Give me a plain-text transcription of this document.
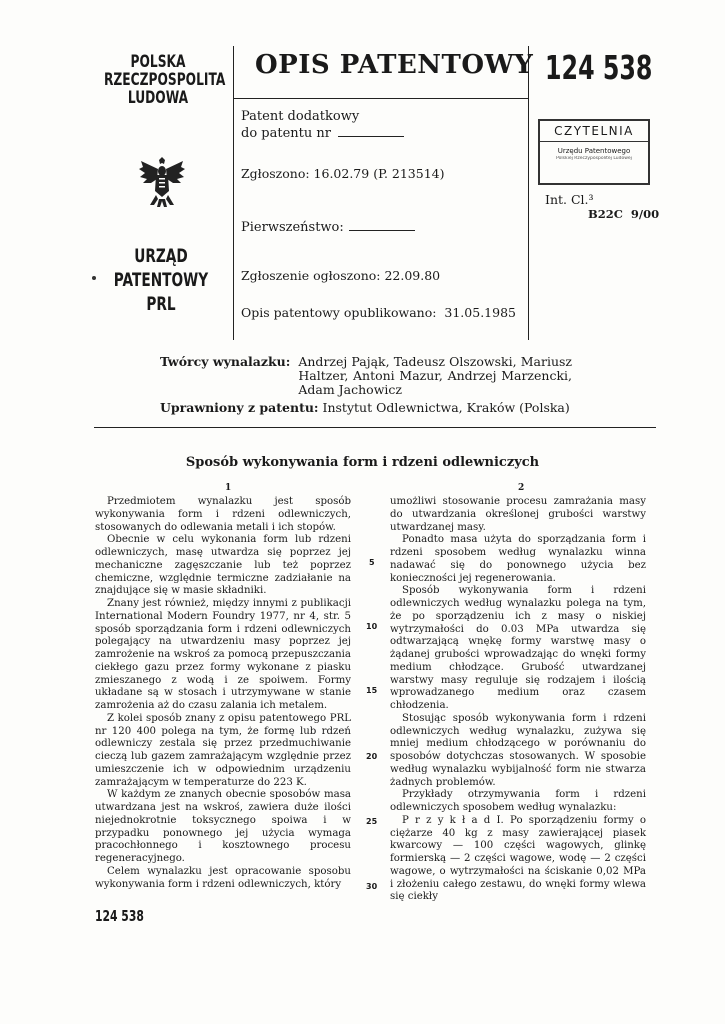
POLSKA
RZECZPOSPOLITA
LUDOWA
URZĄD
PATENTOWY
PRL
OPIS PATENTOWY 124 538
Patent dodatkowy
do patentu nr
Zgłoszono: 16.02.79 (P. 213514)
Pierwszeństwo:
Zgłoszenie ogłoszono: 22.09.80
Opis patentowy opublikowano:  31.05.1985
CZYTELNIA
Urzędu Patentowego
Polskiej Rzeczypospolitej Ludowej
Int. Cl.³
B22C  9/00
Twórcy wynalazku: Andrzej Pająk, Tadeusz Olszowski, Mariusz Haltzer, Antoni Mazur, Andrzej Marzencki, Adam Jachowicz
Uprawniony z patentu: Instytut Odlewnictwa, Kraków (Polska)
Sposób wykonywania form i rdzeni odlewniczych
1	2

Przedmiotem wynalazku jest sposób wykonywania form i rdzeni odlewniczych, stosowanych do odlewania metali i ich stopów.

Obecnie w celu wykonania form lub rdzeni odlewniczych, masę utwardza się poprzez jej mechaniczne zagęszczanie lub też poprzez chemiczne, względnie termiczne zadziałanie na znajdujące się w masie składniki.

Znany jest również, między innymi z publikacji International Modern Foundry 1977, nr 4, str. 5 sposób sporządzania form i rdzeni odlewniczych polegający na utwardzeniu masy poprzez jej zamrożenie na wskroś za pomocą przepuszczania ciekłego gazu przez formy wykonane z piasku zmieszanego z wodą i ze spoiwem. Formy układane są w stosach i utrzymywane w stanie zamrożenia aż do czasu zalania ich metalem.

Z kolei sposób znany z opisu patentowego PRL nr 120 400 polega na tym, że formę lub rdzeń odlewniczy zestala się przez przedmuchiwanie cieczą lub gazem zamrażającym względnie przez umieszczenie ich w odpowiednim urządzeniu zamrażającym w temperaturze do 223 K.

W każdym ze znanych obecnie sposobów masa utwardzana jest na wskroś, zawiera duże ilości niejednokrotnie toksycznego spoiwa i w przypadku ponownego jej użycia wymaga pracochłonnego i kosztownego procesu regeneracyjnego.

Celem wynalazku jest opracowanie sposobu wykonywania form i rdzeni odlewniczych, który

5
10
15
20
25
30

umożliwi stosowanie procesu zamrażania masy do utwardzania określonej grubości warstwy utwardzanej masy.

Ponadto masa użyta do sporządzania form i rdzeni sposobem według wynalazku winna nadawać się do ponownego użycia bez konieczności jej regenerowania.

Sposób wykonywania form i rdzeni odlewniczych według wynalazku polega na tym, że po sporządzeniu ich z masy o niskiej wytrzymałości do 0.03 MPa utwardza się odtwarzającą wnękę formy warstwę masy o żądanej grubości wprowadzając do wnęki formy medium chłodzące. Grubość utwardzanej warstwy masy reguluje się rodzajem i ilością wprowadzanego medium oraz czasem chłodzenia.

Stosując sposób wykonywania form i rdzeni odlewniczych według wynalazku, zużywa się mniej medium chłodzącego w porównaniu do sposobów dotychczas stosowanych. W sposobie według wynalazku wybijalność form nie stwarza żadnych problemów.

Przykłady otrzymywania form i rdzeni odlewniczych sposobem według wynalazku:

P r z y k ł a d I. Po sporządzeniu formy o ciężarze 40 kg z masy zawierającej piasek kwarcowy — 100 części wagowych, glinkę formierską — 2 części wagowe, wodę — 2 części wagowe, o wytrzymałości na ściskanie 0,02 MPa i złożeniu całego zestawu, do wnęki formy wlewa się ciekły

124 538
